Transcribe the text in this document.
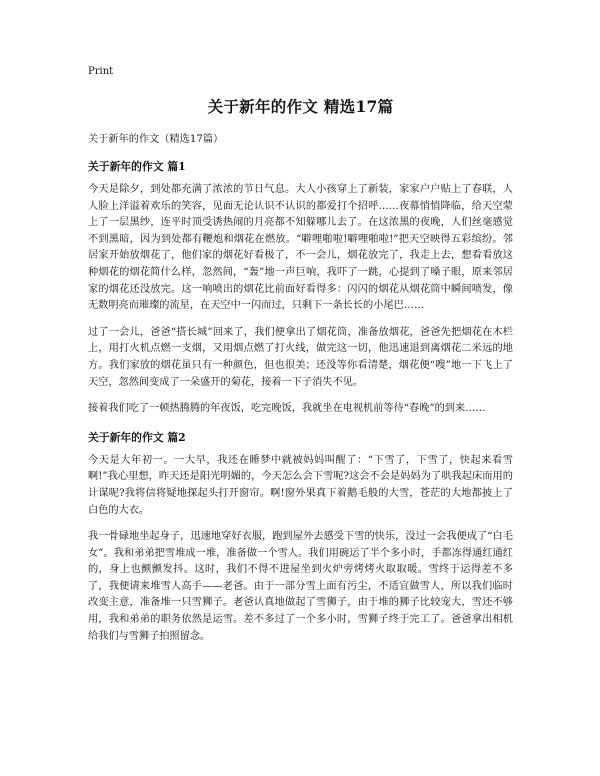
Print
关于新年的作文 精选17篇
关于新年的作文（精选17篇）
关于新年的作文 篇1

今天是除夕，到处都充满了浓浓的节日气息。大人小孩穿上了新装，家家户户贴上了春联，人人脸上洋溢着欢乐的笑容，见面无论认识不认识的都爱打个招呼……夜幕悄悄降临，给天空蒙上了一层黑纱，连平时顶受诱热闹的月亮都不知躲哪儿去了。在这浓黑的夜晚，人们丝毫感觉不到黑暗，因为到处都有鞭炮和烟花在燃放。“噼哩啪啦!噼哩啪啦!”把天空映得五彩缤纷。邻居家开始放烟花了，他们家的烟花好看极了，不一会儿，烟花放完了，我走上去，想看看放这种烟花的烟花简什么样，忽然间，“轰”地一声巨响，我吓了一跳，心提到了嗓子眼，原来邻居家的烟花还没放完。这一响喷出的烟花比前面好看得多：闪闪的烟花从烟花筒中瞬间喷发，像无数明亮而璀璨的流星，在天空中一闪而过，只剩下一条长长的小尾巴……

过了一会儿，爸爸“搭长城”回来了，我们便拿出了烟花筒，准备放烟花，爸爸先把烟花在木栏上，用打火机点燃一支烟，又用烟点燃了打火线，做完这一切，他迅速退到离烟花二米远的地方。我们家放的烟花虽只有一种颜色，但也很美；还没等你看清楚，烟花便“嗖”地一下飞上了天空，忽然间变成了一朵盛开的菊花，接着一下子消失不见。

接着我们吃了一顿热腾腾的年夜饭，吃完晚饭，我就坐在电视机前等待“春晚”的到来……

关于新年的作文 篇2

今天是大年初一。一大早，我还在睡梦中就被妈妈叫醒了：“下雪了，下雪了，快起来看雪啊!”我心里想，昨天还是阳光明媚的，今天怎么会下雪呢?这会不会是妈妈为了哄我起床而用的计谋呢?我将信将疑地探起头打开窗帘。啊!窗外果真下着鹅毛般的大雪，苍茫的大地都披上了白色的大衣。

我一骨碌地坐起身子，迅速地穿好衣服，跑到屋外去感受下雪的快乐，没过一会我便成了“白毛女”。我和弟弟把雪堆成一堆，准备做一个雪人。我们用碗运了半个多小时，手都冻得通红通红的，身上也颤颤发抖。这时，我们不得不进屋坐到火炉旁烤烤火取取暖。雪终于运得差不多了，我便请来堆雪人高手——老爸。由于一部分雪上面有污尘，不适宜做雪人，所以我们临时改变主意，准备堆一只雪狮子。老爸认真地做起了雪狮子，由于堆的狮子比较宠大，雪还不够用，我和弟弟的职务依然是运雪。差不多过了一个多小时，雪狮子终于完工了。爸爸拿出相机给我们与雪狮子拍照留念。
